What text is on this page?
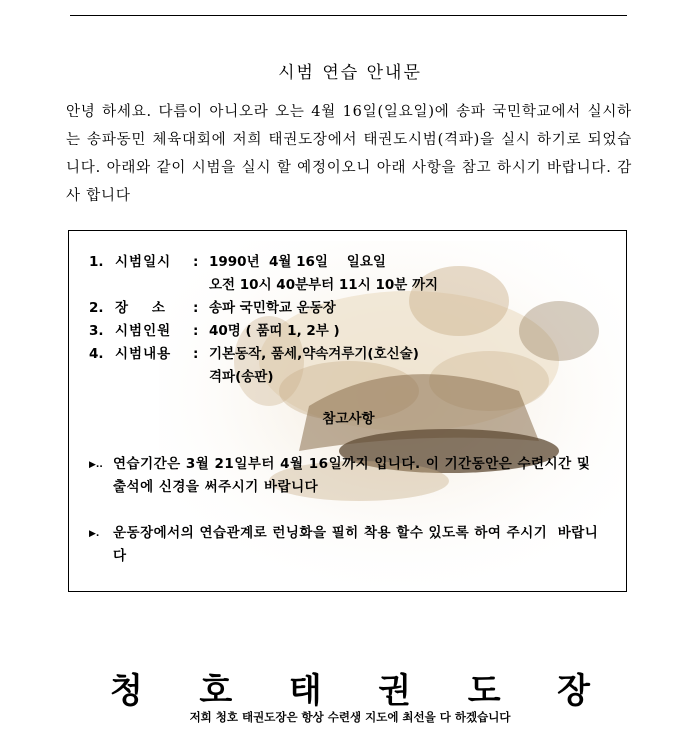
시범 연습 안내문
안녕 하세요. 다름이 아니오라 오는 4월 16일(일요일)에 송파 국민학교에서 실시하는 송파동민 체육대회에 저희 태권도장에서 태권도시범(격파)을 실시 하기로 되었습니다. 아래와 같이 시범을 실시 할 예정이오니 아래 사항을 참고 하시기 바랍니다. 감사 합니다
1. 시범일시	: 1990년  4월 16일    일요일
오전 10시 40분부터 11시 10분 까지
2. 장    소	: 송파 국민학교 운동장
3. 시범인원	: 40명 ( 품띠 1, 2부 )
4. 시범내용	: 기본동작, 품세,약속겨루기(호신술)
격파(송판)
참고사항
▶.. 연습기간은 3월 21일부터 4월 16일까지 입니다. 이 기간동안은 수련시간 및 출석에 신경을 써주시기 바랍니다
▶.	운동장에서의 연습관계로 런닝화을 필히 착용 할수 있도록 하여 주시기  바랍니다
청 호 태 권 도 장
저희 청호 태권도장은 항상 수련생 지도에 최선을 다 하겠습니다
